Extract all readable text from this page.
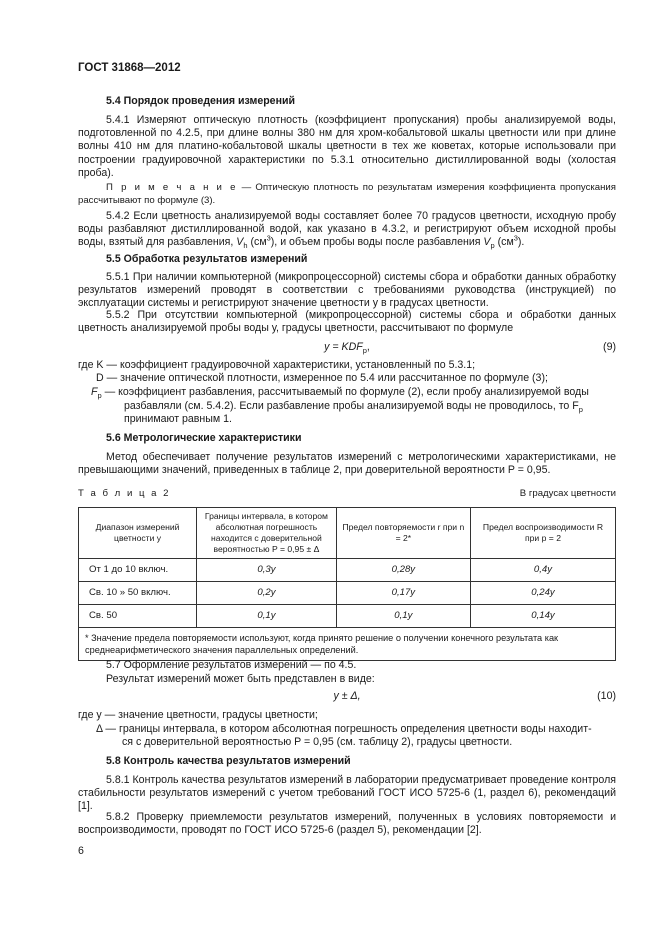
ГОСТ 31868—2012
5.4 Порядок проведения измерений
5.4.1 Измеряют оптическую плотность (коэффициент пропускания) пробы анализируемой воды, подготовленной по 4.2.5, при длине волны 380 нм для хром-кобальтовой шкалы цветности или при длине волны 410 нм для платино-кобальтовой шкалы цветности в тех же кюветах, которые использовали при построении градуировочной характеристики по 5.3.1 относительно дистиллированной воды (холостая проба).
П р и м е ч а н и е — Оптическую плотность по результатам измерения коэффициента пропускания рассчитывают по формуле (3).
5.4.2 Если цветность анализируемой воды составляет более 70 градусов цветности, исходную пробу воды разбавляют дистиллированной водой, как указано в 4.3.2, и регистрируют объем исходной пробы воды, взятый для разбавления, $V_h$ $(см^3)$, и объем пробы воды после разбавления $V_р$ $(см^3)$.
5.5 Обработка результатов измерений
5.5.1 При наличии компьютерной (микропроцессорной) системы сбора и обработки данных обработку результатов измерений проводят в соответствии с требованиями руководства (инструкцией) по эксплуатации системы и регистрируют значение цветности у в градусах цветности.
5.5.2 При отсутствии компьютерной (микропроцессорной) системы сбора и обработки данных цветность анализируемой пробы воды у, градусы цветности, рассчитывают по формуле
$y = KDF_р$,	(9)
где K — коэффициент градуировочной характеристики, установленный по 5.3.1;
D — значение оптической плотности, измеренное по 5.4 или рассчитанное по формуле (3);
$F_р$ — коэффициент разбавления, рассчитываемый по формуле (2), если пробу анализируемой воды
разбавляли (см. 5.4.2). Если разбавление пробы анализируемой воды не проводилось, то $F_р$
принимают равным 1.
5.6 Метрологические характеристики
Метод обеспечивает получение результатов измерений с метрологическими характеристиками, не превышающими значений, приведенных в таблице 2, при доверительной вероятности P = 0,95.
Т а б л и ц а 2	В градусах цветности
Диапазон измерений цветности у	Границы интервала, в котором абсолютная погрешность находится с доверительной вероятностью P = 0,95 ± Δ	Предел повторяемости r при n = 2*	Предел воспроизводимости R при p = 2
От 1 до 10 включ.	0,3y	0,28y	0,4y
Св. 10 » 50 включ.	0,2y	0,17y	0,24y
Св. 50	0,1y	0,1y	0,14y
* Значение предела повторяемости используют, когда принято решение о получении конечного результата как среднеарифметического значения параллельных определений.			
5.7 Оформление результатов измерений — по 4.5.
Результат измерений может быть представлен в виде:
y ± Δ,	(10)
где у — значение цветности, градусы цветности;
Δ — границы интервала, в котором абсолютная погрешность определения цветности воды находит-
ся с доверительной вероятностью P = 0,95 (см. таблицу 2), градусы цветности.
5.8 Контроль качества результатов измерений
5.8.1 Контроль качества результатов измерений в лаборатории предусматривает проведение контроля стабильности результатов измерений с учетом требований ГОСТ ИСО 5725-6 (1, раздел 6), рекомендаций [1].
5.8.2 Проверку приемлемости результатов измерений, полученных в условиях повторяемости и воспроизводимости, проводят по ГОСТ ИСО 5725-6 (раздел 5), рекомендации [2].
6
